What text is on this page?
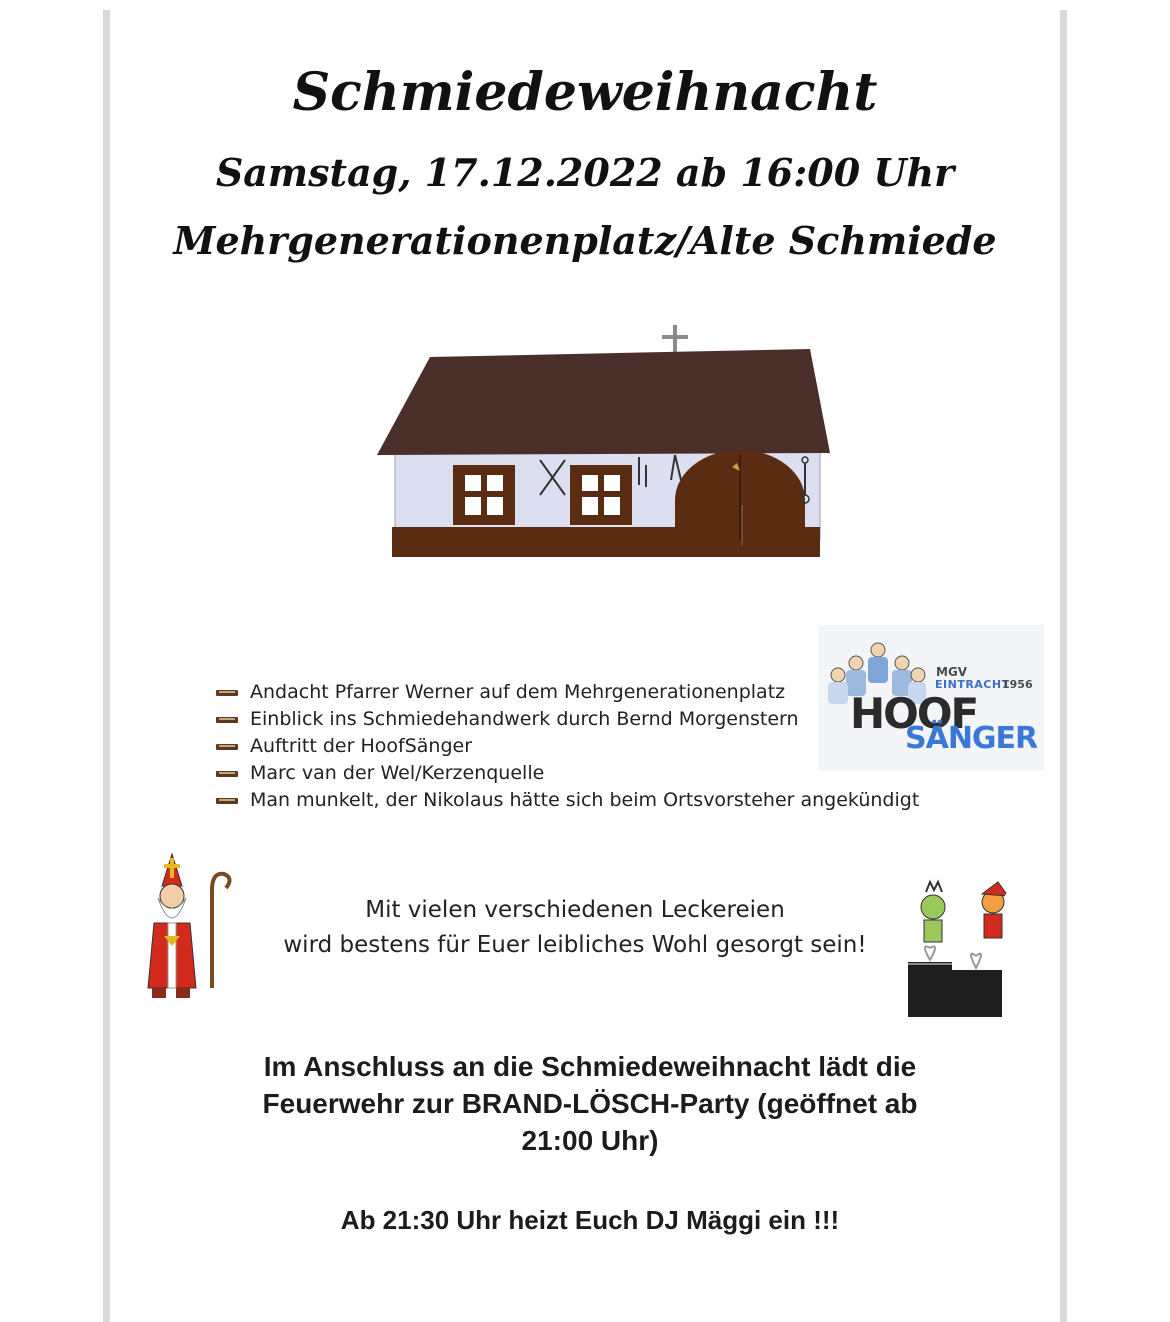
Schmiedeweihnacht
Samstag, 17.12.2022 ab 16:00 Uhr
Mehrgenerationenplatz/Alte Schmiede
MGV
EINTRACHT
1956
HOOF
SÄNGER
Andacht Pfarrer Werner auf dem Mehrgenerationenplatz
Einblick ins Schmiedehandwerk durch Bernd Morgenstern
Auftritt der HoofSänger
Marc van der Wel/Kerzenquelle
Man munkelt, der Nikolaus hätte sich beim Ortsvorsteher angekündigt

Mit vielen verschiedenen Leckereien

wird bestens für Euer leibliches Wohl gesorgt sein!

Im Anschluss an die Schmiedeweihnacht lädt die

Feuerwehr zur BRAND-LÖSCH-Party (geöffnet ab

21:00 Uhr)

Ab 21:30 Uhr heizt Euch DJ Mäggi ein !!!
